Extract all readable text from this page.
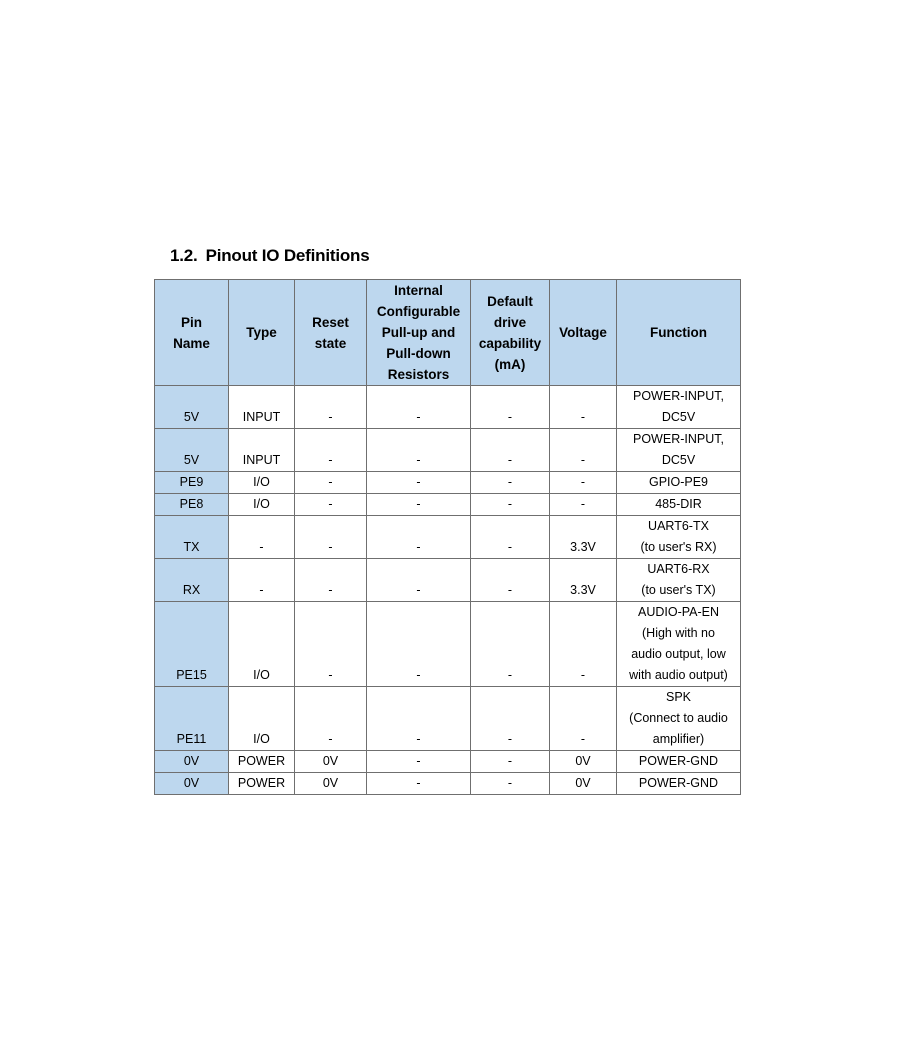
1.2. Pinout IO Definitions
Pin Name	Type	Reset state	Internal Configurable Pull-up and Pull-down Resistors	Default drive capability (mA)	Voltage	Function
5V	INPUT	-	-	-	-	POWER-INPUT,
DC5V
5V	INPUT	-	-	-	-	POWER-INPUT,
DC5V
PE9	I/O	-	-	-	-	GPIO-PE9
PE8	I/O	-	-	-	-	485-DIR
TX	-	-	-	-	3.3V	UART6-TX
(to user's RX)
RX	-	-	-	-	3.3V	UART6-RX
(to user's TX)
PE15	I/O	-	-	-	-	AUDIO-PA-EN
(High with no
audio output, low
with audio output)
PE11	I/O	-	-	-	-	SPK
(Connect to audio
amplifier)
0V	POWER	0V	-	-	0V	POWER-GND
0V	POWER	0V	-	-	0V	POWER-GND
